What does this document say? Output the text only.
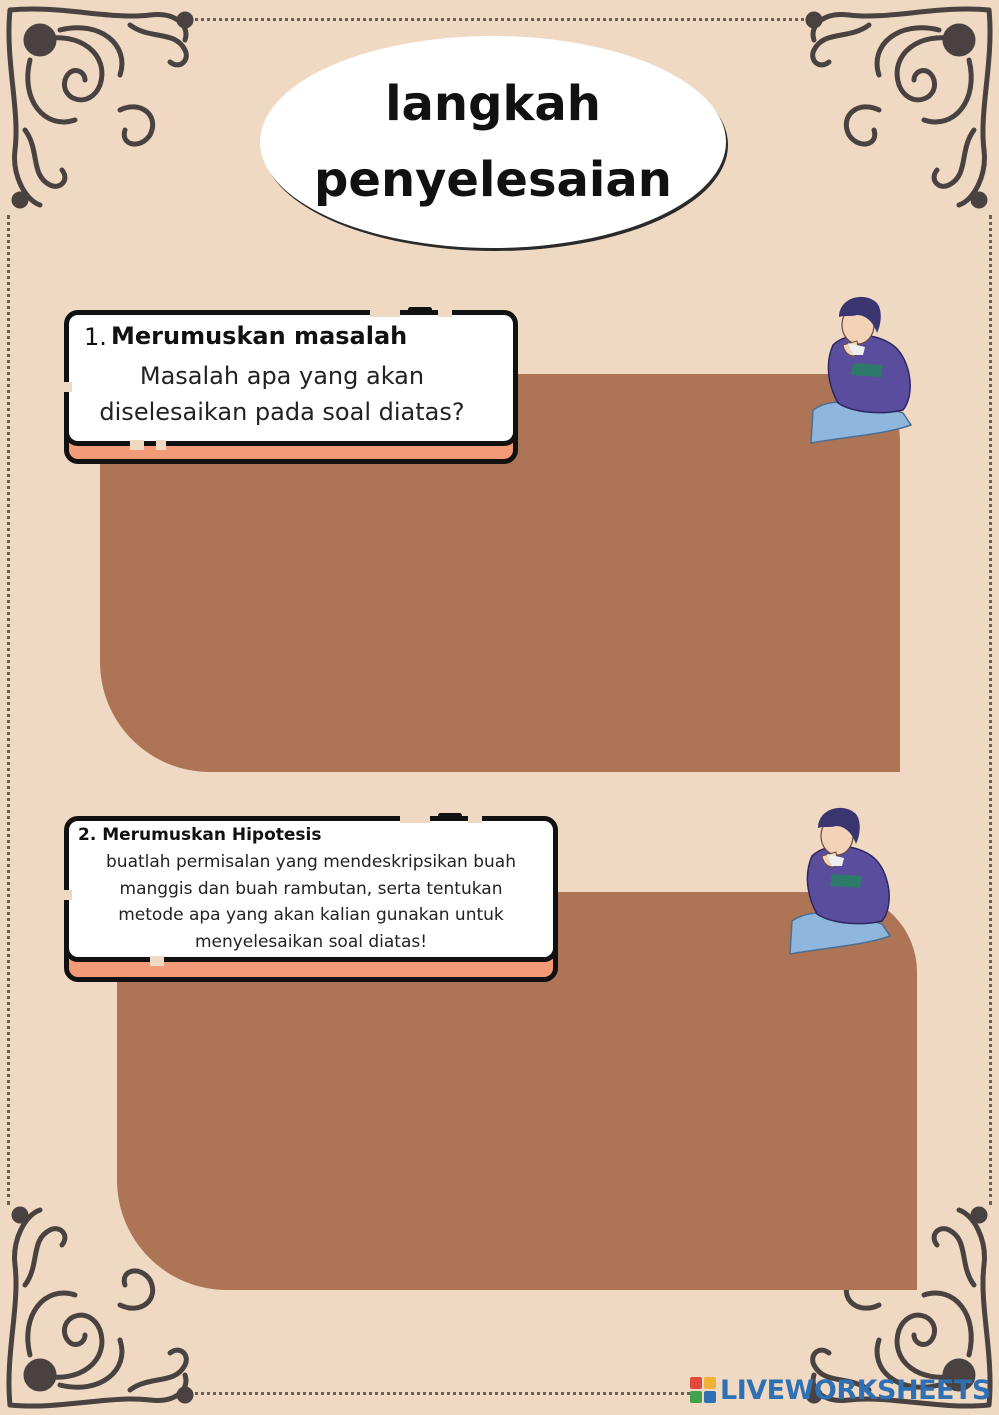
langkah
penyelesaian
1. Merumuskan masalah
Masalah apa yang akan
diselesaikan pada soal diatas?
2. Merumuskan Hipotesis
buatlah permisalan yang mendeskripsikan buah
manggis dan buah rambutan, serta tentukan
metode apa yang akan kalian gunakan untuk
menyelesaikan soal diatas!
LIVEWORKSHEETS
